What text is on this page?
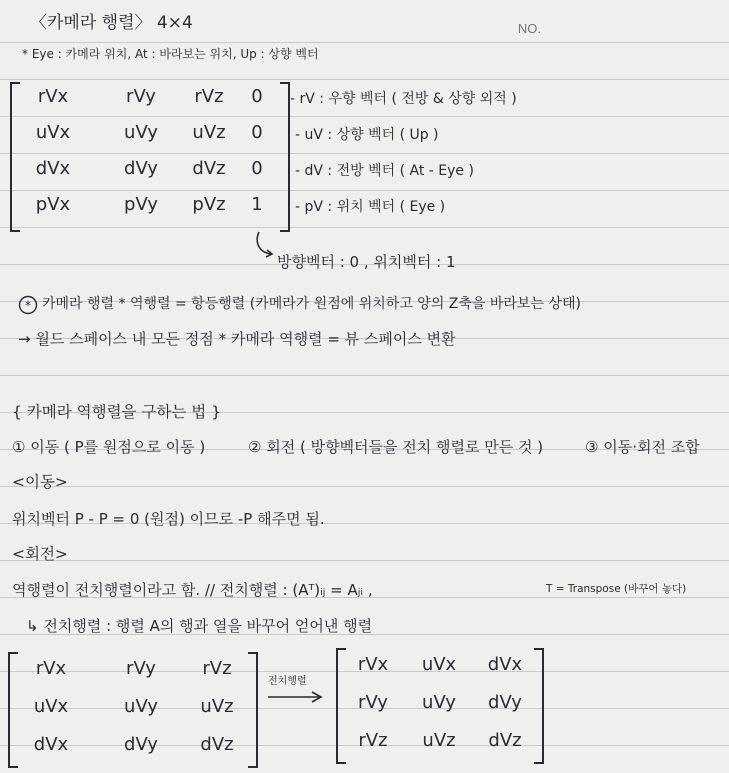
〈카메라 행렬〉 4×4	NO.
* Eye : 카메라 위치, At : 바라보는 위치, Up : 상향 벡터
rVx	rVy	rVz	0
uVx	uVy	uVz	0
dVx	dVy	dVz	0
pVx	pVy	pVz	1
- rV : 우향 벡터 ( 전방 & 상향 외적 )
- uV : 상향 벡터 ( Up )
- dV : 전방 벡터 ( At - Eye )
- pV : 위치 벡터 ( Eye )
방향벡터 : 0 , 위치벡터 : 1
* 카메라 행렬 * 역행렬 = 항등행렬 (카메라가 원점에 위치하고 양의 Z축을 바라보는 상태)
→ 월드 스페이스 내 모든 정점 * 카메라 역행렬 = 뷰 스페이스 변환
{ 카메라 역행렬을 구하는 법 }
① 이동 ( P를 원점으로 이동 )	② 회전 ( 방향벡터들을 전치 행렬로 만든 것 )	③ 이동·회전 조합
<이동>
위치벡터 P - P = 0 (원점) 이므로 -P 해주면 됨.
<회전>
역행렬이 전치행렬이라고 함. // 전치행렬 : (Aᵀ)ᵢⱼ = Aⱼᵢ ,	T = Transpose (바꾸어 놓다)
↳ 전치행렬 : 행렬 A의 행과 열을 바꾸어 얻어낸 행렬
rVx	rVy	rVz
uVx	uVy	uVz
dVx	dVy	dVz
전치행렬
rVx	uVx	dVx
rVy	uVy	dVy
rVz	uVz	dVz
